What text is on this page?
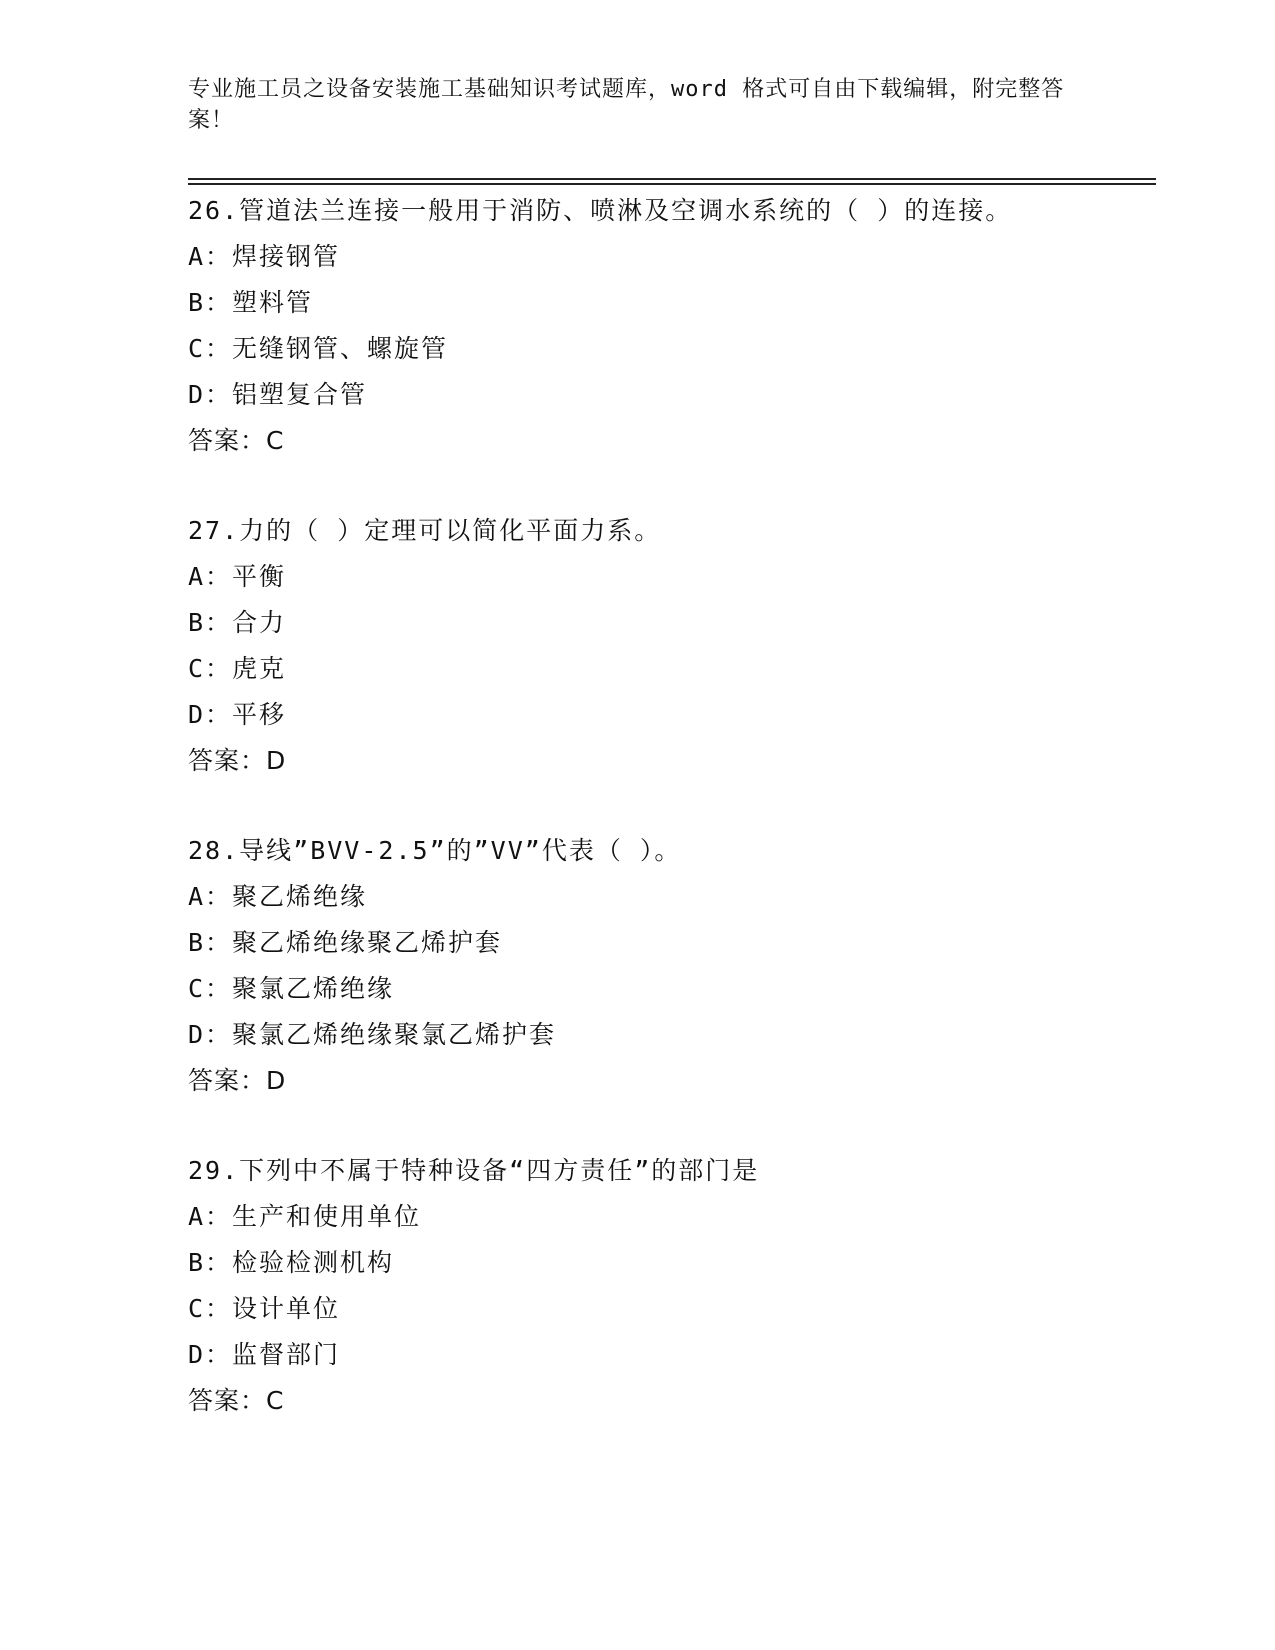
专业施工员之设备安装施工基础知识考试题库，word 格式可自由下载编辑，附完整答案！

26.管道法兰连接一般用于消防、喷淋及空调水系统的（ ）的连接。
A：焊接钢管
B：塑料管
C：无缝钢管、螺旋管
D：铝塑复合管
答案：C
27.力的（ ）定理可以简化平面力系。
A：平衡
B：合力
C：虎克
D：平移
答案：D
28.导线”BVV-2.5”的”VV”代表（ ）。
A：聚乙烯绝缘
B：聚乙烯绝缘聚乙烯护套
C：聚氯乙烯绝缘
D：聚氯乙烯绝缘聚氯乙烯护套
答案：D
29.下列中不属于特种设备“四方责任”的部门是
A：生产和使用单位
B：检验检测机构
C：设计单位
D：监督部门
答案：C
